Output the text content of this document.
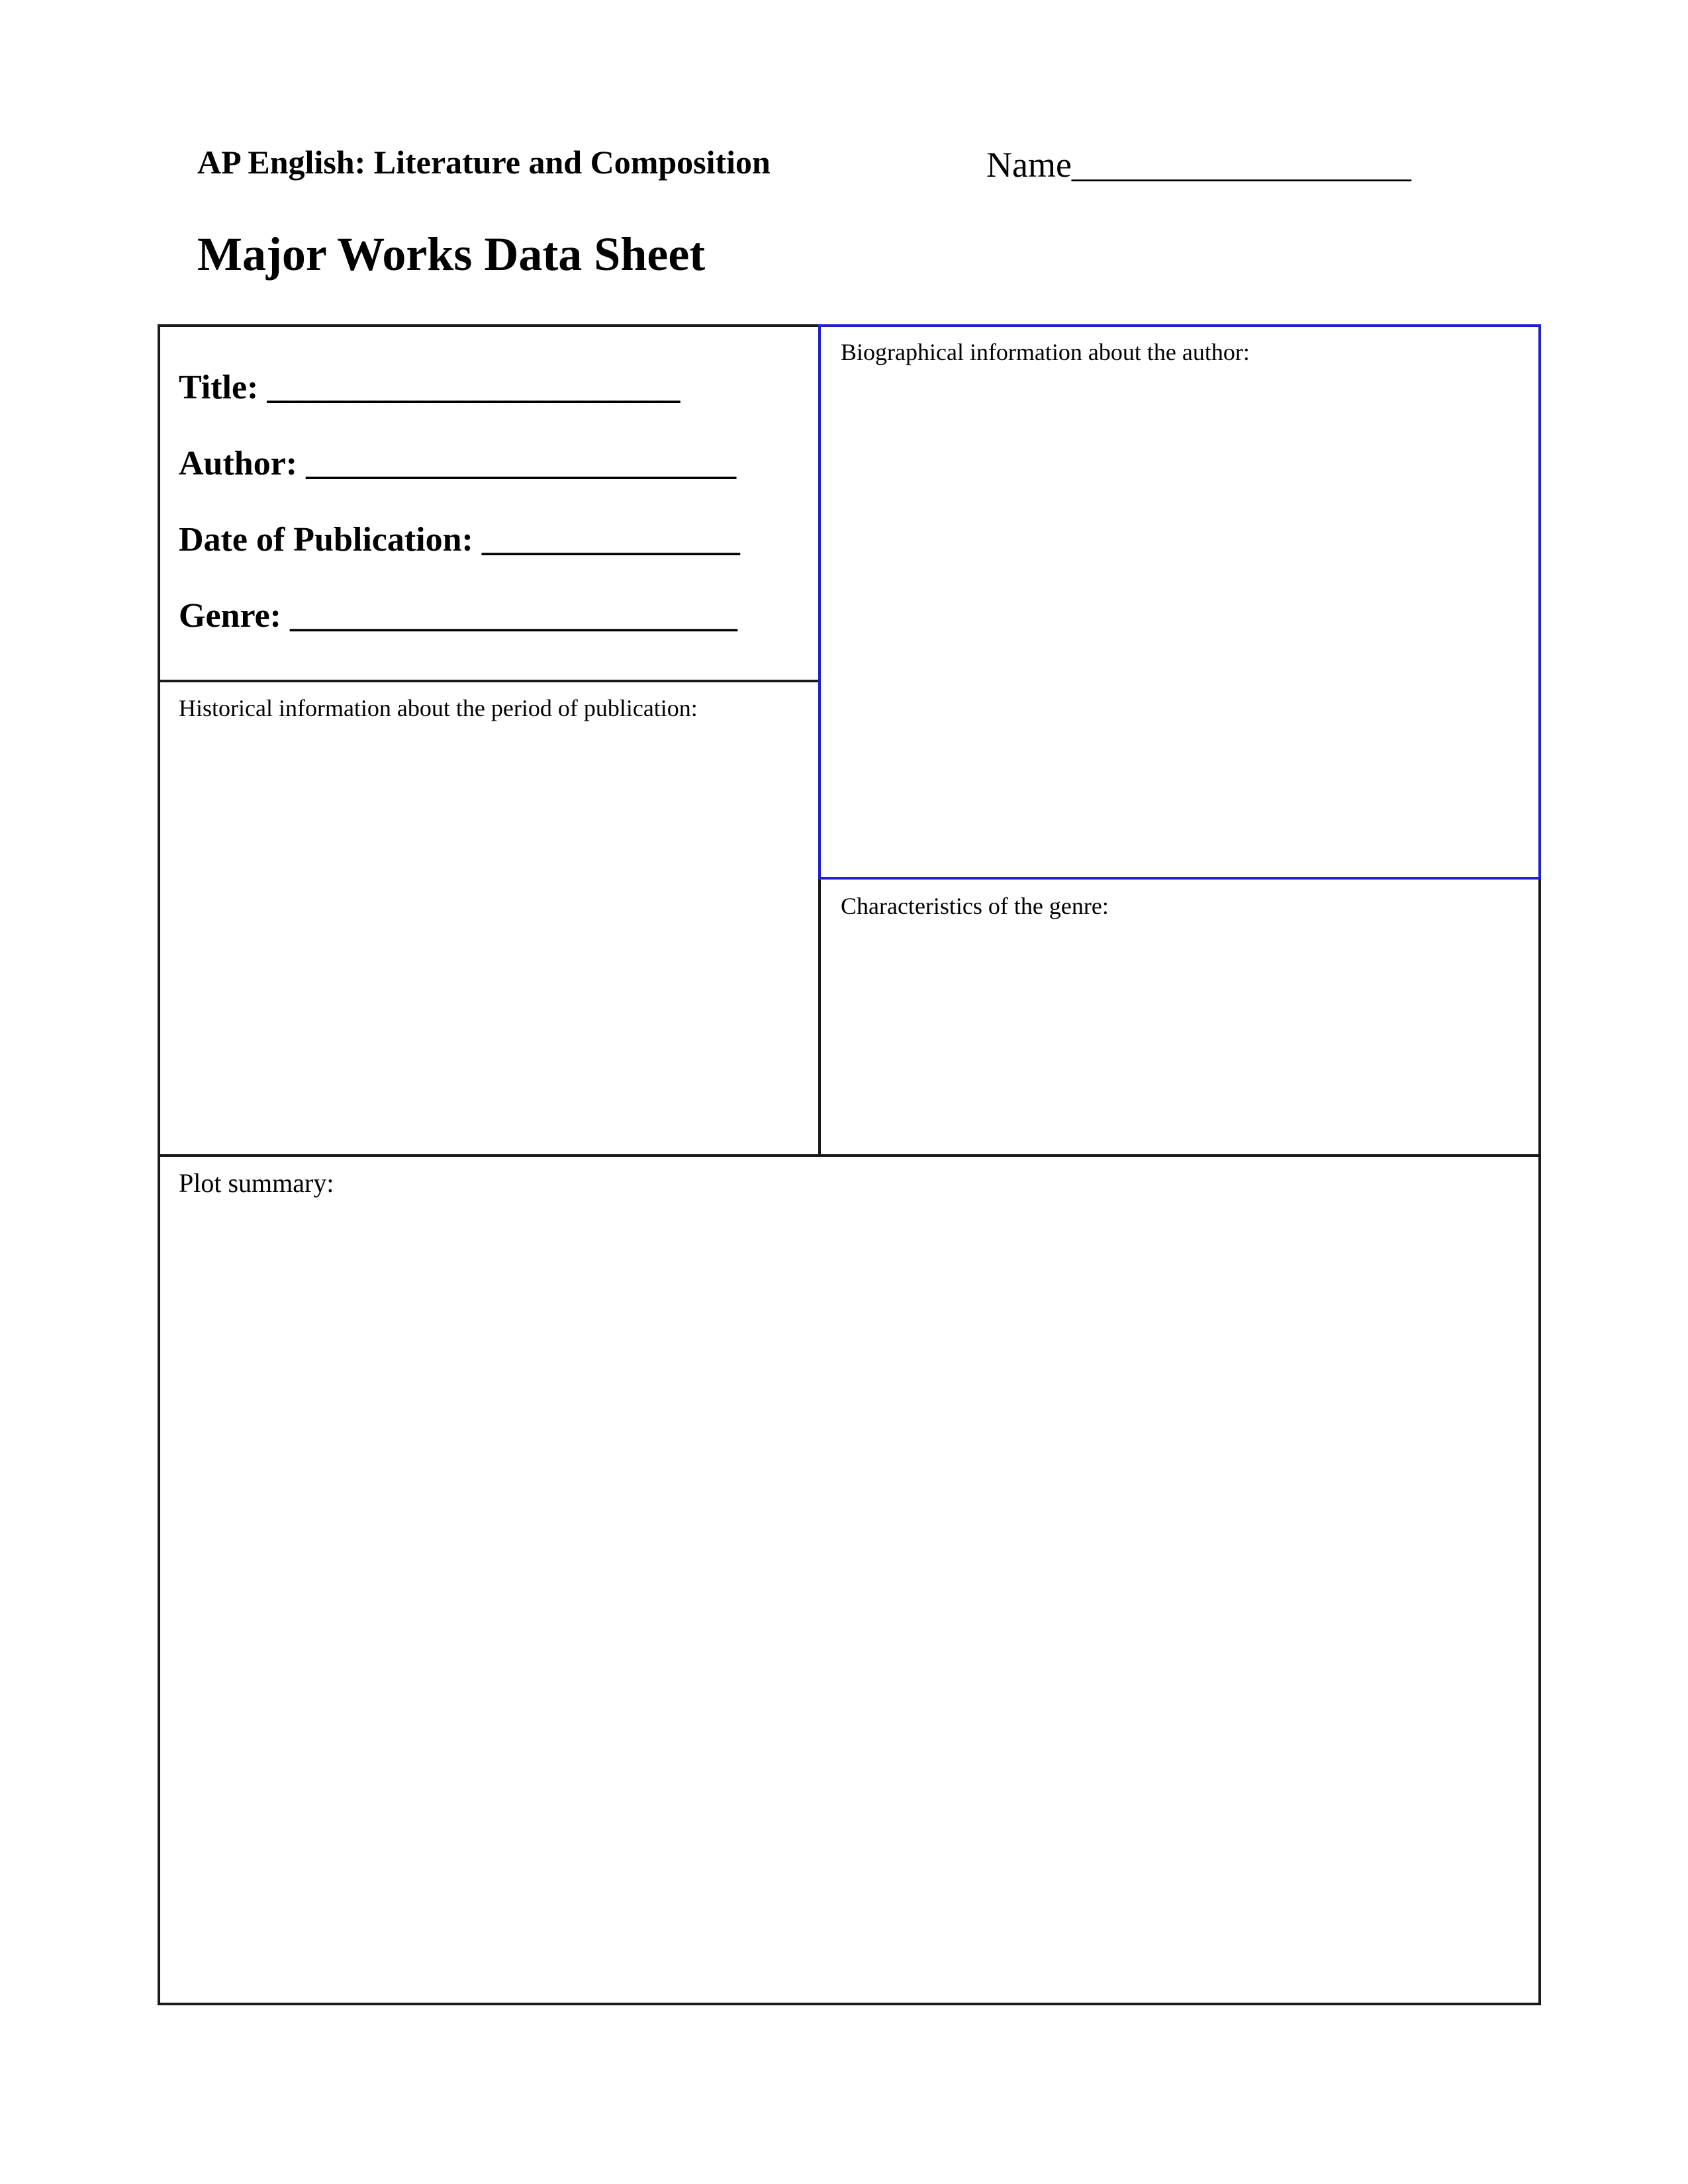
AP English: Literature and Composition	Name___________________
Major Works Data Sheet
Title: ________________________
Author: _________________________
Date of Publication: _______________
Genre: __________________________
Biographical information about the author:
Historical information about the period of publication:
Characteristics of the genre:
Plot summary:
